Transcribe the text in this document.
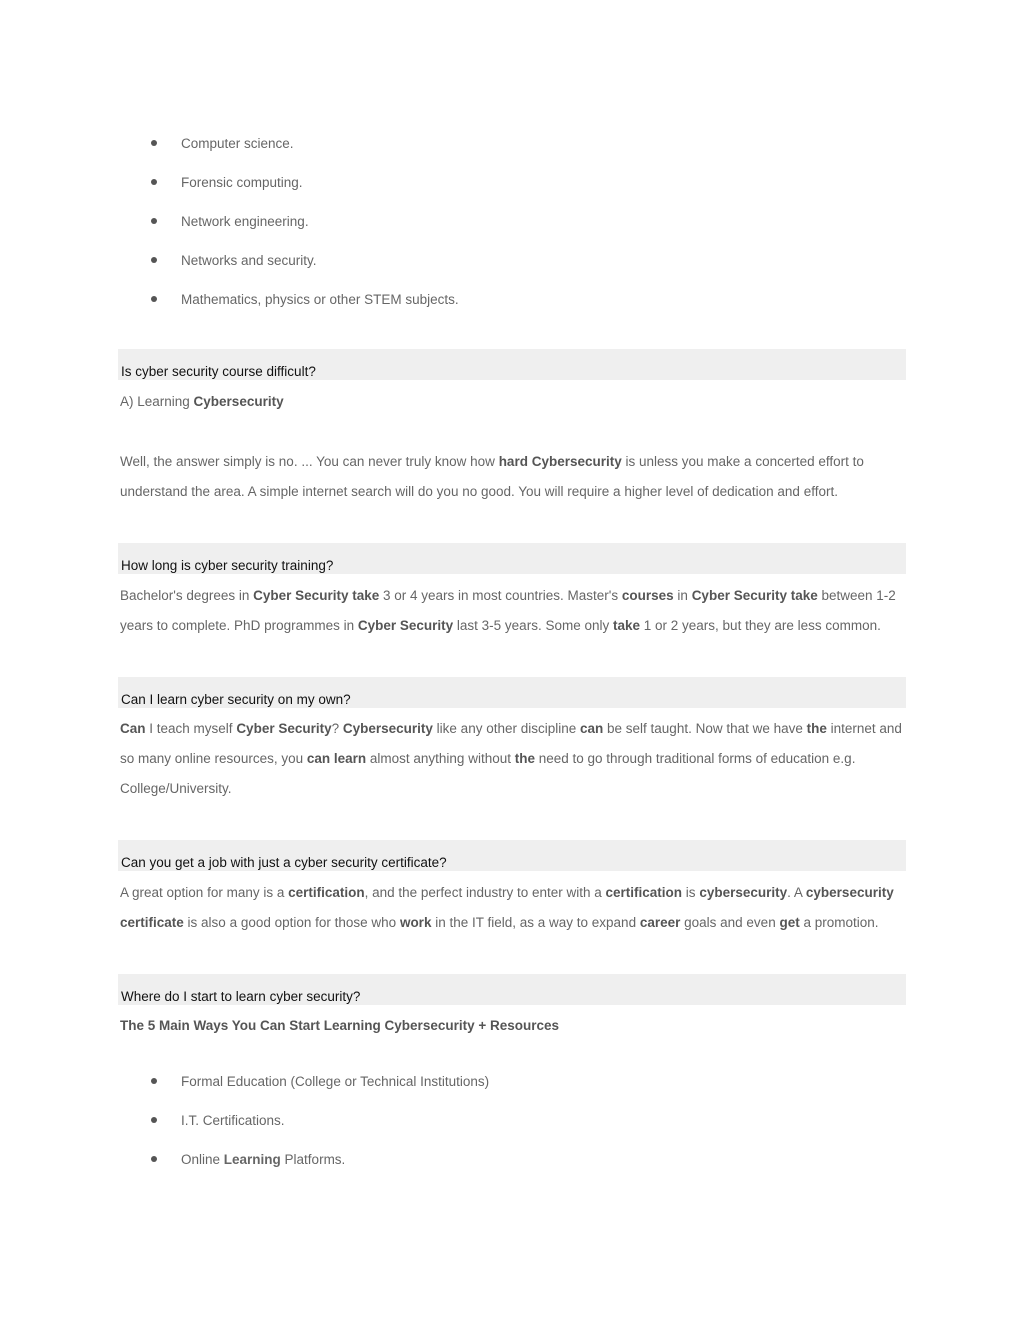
Computer science.
Forensic computing.
Network engineering.
Networks and security.
Mathematics, physics or other STEM subjects.
Is cyber security course difficult?
A) Learning Cybersecurity
Well, the answer simply is no. ... You can never truly know how hard Cybersecurity is unless you make a concerted effort to understand the area. A simple internet search will do you no good. You will require a higher level of dedication and effort.
How long is cyber security training?
Bachelor's degrees in Cyber Security take 3 or 4 years in most countries. Master's courses in Cyber Security take between 1-2 years to complete. PhD programmes in Cyber Security last 3-5 years. Some only take 1 or 2 years, but they are less common.
Can I learn cyber security on my own?
Can I teach myself Cyber Security? Cybersecurity like any other discipline can be self taught. Now that we have the internet and so many online resources, you can learn almost anything without the need to go through traditional forms of education e.g. College/University.
Can you get a job with just a cyber security certificate?
A great option for many is a certification, and the perfect industry to enter with a certification is cybersecurity. A cybersecurity certificate is also a good option for those who work in the IT field, as a way to expand career goals and even get a promotion.
Where do I start to learn cyber security?
The 5 Main Ways You Can Start Learning Cybersecurity + Resources
Formal Education (College or Technical Institutions)
I.T. Certifications.
Online Learning Platforms.
